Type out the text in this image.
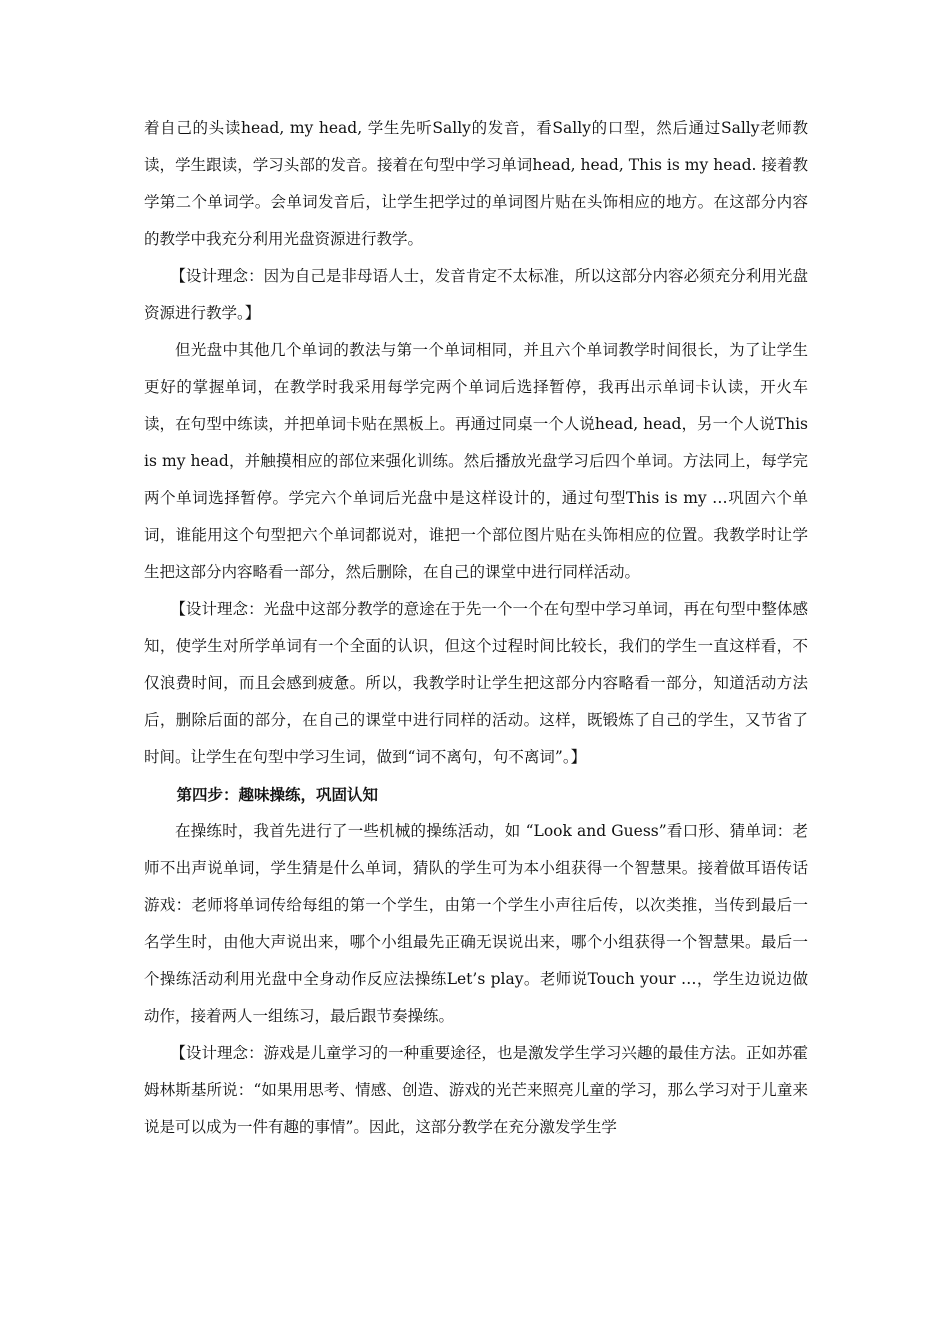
着自己的头读head, my head, 学生先听Sally的发音，看Sally的口型，然后通过Sally老师教读，学生跟读，学习头部的发音。接着在句型中学习单词head, head, This is my head. 接着教学第二个单词学。会单词发音后，让学生把学过的单词图片贴在头饰相应的地方。在这部分内容的教学中我充分利用光盘资源进行教学。

【设计理念：因为自己是非母语人士，发音肯定不太标准，所以这部分内容必须充分利用光盘资源进行教学。】

但光盘中其他几个单词的教法与第一个单词相同，并且六个单词教学时间很长，为了让学生更好的掌握单词，在教学时我采用每学完两个单词后选择暂停，我再出示单词卡认读，开火车读，在句型中练读，并把单词卡贴在黑板上。再通过同桌一个人说head, head，另一个人说This is my head，并触摸相应的部位来强化训练。然后播放光盘学习后四个单词。方法同上，每学完两个单词选择暂停。学完六个单词后光盘中是这样设计的，通过句型This is my …巩固六个单词，谁能用这个句型把六个单词都说对，谁把一个部位图片贴在头饰相应的位置。我教学时让学生把这部分内容略看一部分，然后删除，在自己的课堂中进行同样活动。

【设计理念：光盘中这部分教学的意途在于先一个一个在句型中学习单词，再在句型中整体感知，使学生对所学单词有一个全面的认识，但这个过程时间比较长，我们的学生一直这样看，不仅浪费时间，而且会感到疲惫。所以，我教学时让学生把这部分内容略看一部分，知道活动方法后，删除后面的部分，在自己的课堂中进行同样的活动。这样，既锻炼了自己的学生，又节省了时间。让学生在句型中学习生词，做到“词不离句，句不离词”。】

第四步：趣味操练，巩固认知

在操练时，我首先进行了一些机械的操练活动，如 “Look and Guess”看口形、猜单词：老师不出声说单词，学生猜是什么单词，猜队的学生可为本小组获得一个智慧果。接着做耳语传话游戏：老师将单词传给每组的第一个学生，由第一个学生小声往后传，以次类推，当传到最后一名学生时，由他大声说出来，哪个小组最先正确无误说出来，哪个小组获得一个智慧果。最后一个操练活动利用光盘中全身动作反应法操练Let’s play。老师说Touch your …，学生边说边做动作，接着两人一组练习，最后跟节奏操练。

【设计理念：游戏是儿童学习的一种重要途径，也是激发学生学习兴趣的最佳方法。正如苏霍姆林斯基所说：“如果用思考、情感、创造、游戏的光芒来照亮儿童的学习，那么学习对于儿童来说是可以成为一件有趣的事情”。因此，这部分教学在充分激发学生学
